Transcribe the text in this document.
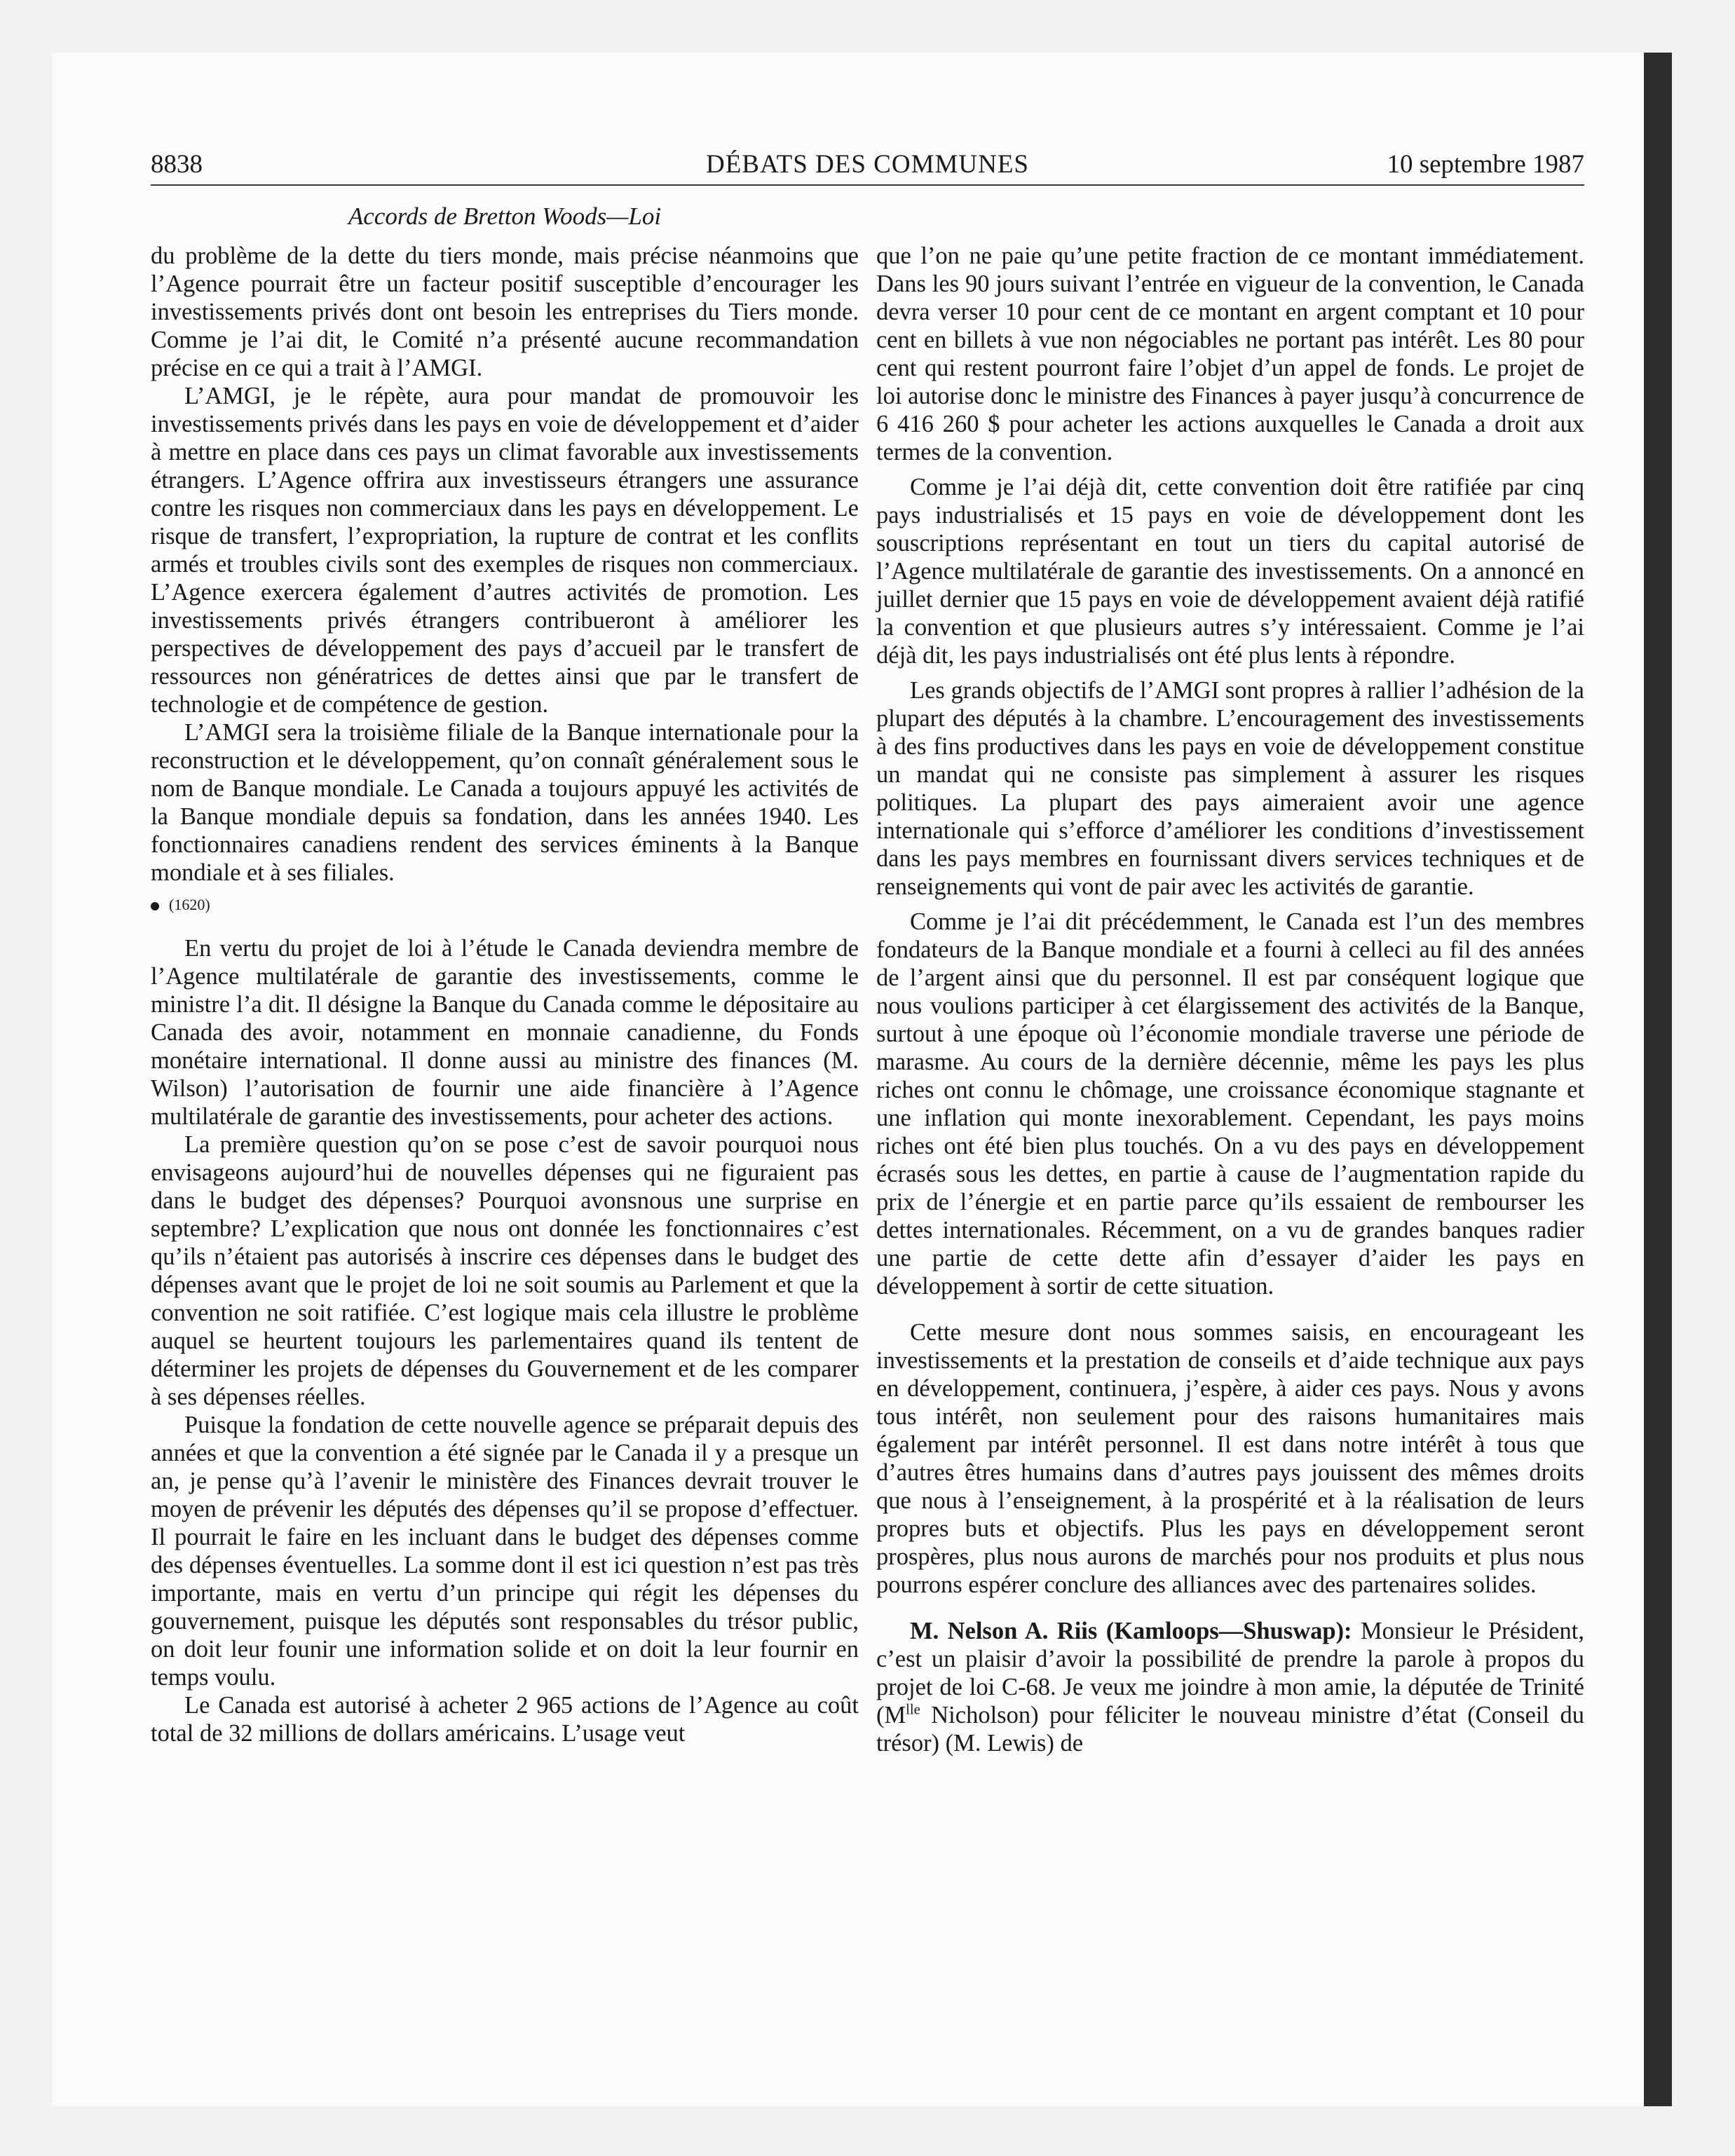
8838	DÉBATS DES COMMUNES	10 septembre 1987
Accords de Bretton Woods—Loi

du problème de la dette du tiers monde, mais précise néanmoins que l’Agence pourrait être un facteur positif susceptible d’encourager les investissements privés dont ont besoin les entreprises du Tiers monde. Comme je l’ai dit, le Comité n’a présenté aucune recommandation précise en ce qui a trait à l’AMGI.

L’AMGI, je le répète, aura pour mandat de promouvoir les investissements privés dans les pays en voie de développement et d’aider à mettre en place dans ces pays un climat favorable aux investissements étrangers. L’Agence offrira aux investisseurs étrangers une assurance contre les risques non commerciaux dans les pays en développement. Le risque de transfert, l’expropriation, la rupture de contrat et les conflits armés et troubles civils sont des exemples de risques non commerciaux. L’Agence exercera également d’autres activités de promotion. Les investissements privés étrangers contribueront à améliorer les perspectives de développement des pays d’accueil par le transfert de ressources non génératrices de dettes ainsi que par le transfert de technologie et de compétence de gestion.

L’AMGI sera la troisième filiale de la Banque internationale pour la reconstruction et le développement, qu’on connaît généralement sous le nom de Banque mondiale. Le Canada a toujours appuyé les activités de la Banque mondiale depuis sa fondation, dans les années 1940. Les fonctionnaires canadiens rendent des services éminents à la Banque mondiale et à ses filiales.

(1620)

En vertu du projet de loi à l’étude le Canada deviendra membre de l’Agence multilatérale de garantie des investissements, comme le ministre l’a dit. Il désigne la Banque du Canada comme le dépositaire au Canada des avoir, notamment en monnaie canadienne, du Fonds monétaire international. Il donne aussi au ministre des finances (M. Wilson) l’autorisation de fournir une aide financière à l’Agence multilatérale de garantie des investissements, pour acheter des actions.

La première question qu’on se pose c’est de savoir pourquoi nous envisageons aujourd’hui de nouvelles dépenses qui ne figuraient pas dans le budget des dépenses? Pourquoi avonsnous une surprise en septembre? L’explication que nous ont donnée les fonctionnaires c’est qu’ils n’étaient pas autorisés à inscrire ces dépenses dans le budget des dépenses avant que le projet de loi ne soit soumis au Parlement et que la convention ne soit ratifiée. C’est logique mais cela illustre le problème auquel se heurtent toujours les parlementaires quand ils tentent de déterminer les projets de dépenses du Gouvernement et de les comparer à ses dépenses réelles.

Puisque la fondation de cette nouvelle agence se préparait depuis des années et que la convention a été signée par le Canada il y a presque un an, je pense qu’à l’avenir le ministère des Finances devrait trouver le moyen de prévenir les députés des dépenses qu’il se propose d’effectuer. Il pourrait le faire en les incluant dans le budget des dépenses comme des dépenses éventuelles. La somme dont il est ici question n’est pas très importante, mais en vertu d’un principe qui régit les dépenses du gouvernement, puisque les députés sont responsables du trésor public, on doit leur founir une information solide et on doit la leur fournir en temps voulu.

Le Canada est autorisé à acheter 2 965 actions de l’Agence au coût total de 32 millions de dollars américains. L’usage veut

que l’on ne paie qu’une petite fraction de ce montant immédiatement. Dans les 90 jours suivant l’entrée en vigueur de la convention, le Canada devra verser 10 pour cent de ce montant en argent comptant et 10 pour cent en billets à vue non négociables ne portant pas intérêt. Les 80 pour cent qui restent pourront faire l’objet d’un appel de fonds. Le projet de loi autorise donc le ministre des Finances à payer jusqu’à concurrence de 6 416 260 $ pour acheter les actions auxquelles le Canada a droit aux termes de la convention.

Comme je l’ai déjà dit, cette convention doit être ratifiée par cinq pays industrialisés et 15 pays en voie de développement dont les souscriptions représentant en tout un tiers du capital autorisé de l’Agence multilatérale de garantie des investissements. On a annoncé en juillet dernier que 15 pays en voie de développement avaient déjà ratifié la convention et que plusieurs autres s’y intéressaient. Comme je l’ai déjà dit, les pays industrialisés ont été plus lents à répondre.

Les grands objectifs de l’AMGI sont propres à rallier l’adhésion de la plupart des députés à la chambre. L’encouragement des investissements à des fins productives dans les pays en voie de développement constitue un mandat qui ne consiste pas simplement à assurer les risques politiques. La plupart des pays aimeraient avoir une agence internationale qui s’efforce d’améliorer les conditions d’investissement dans les pays membres en fournissant divers services techniques et de renseignements qui vont de pair avec les activités de garantie.

Comme je l’ai dit précédemment, le Canada est l’un des membres fondateurs de la Banque mondiale et a fourni à celleci au fil des années de l’argent ainsi que du personnel. Il est par conséquent logique que nous voulions participer à cet élargissement des activités de la Banque, surtout à une époque où l’économie mondiale traverse une période de marasme. Au cours de la dernière décennie, même les pays les plus riches ont connu le chômage, une croissance économique stagnante et une inflation qui monte inexorablement. Cependant, les pays moins riches ont été bien plus touchés. On a vu des pays en développement écrasés sous les dettes, en partie à cause de l’augmentation rapide du prix de l’énergie et en partie parce qu’ils essaient de rembourser les dettes internationales. Récemment, on a vu de grandes banques radier une partie de cette dette afin d’essayer d’aider les pays en développement à sortir de cette situation.

Cette mesure dont nous sommes saisis, en encourageant les investissements et la prestation de conseils et d’aide technique aux pays en développement, continuera, j’espère, à aider ces pays. Nous y avons tous intérêt, non seulement pour des raisons humanitaires mais également par intérêt personnel. Il est dans notre intérêt à tous que d’autres êtres humains dans d’autres pays jouissent des mêmes droits que nous à l’enseignement, à la prospérité et à la réalisation de leurs propres buts et objectifs. Plus les pays en développement seront prospères, plus nous aurons de marchés pour nos produits et plus nous pourrons espérer conclure des alliances avec des partenaires solides.

M. Nelson A. Riis (Kamloops—Shuswap): Monsieur le Président, c’est un plaisir d’avoir la possibilité de prendre la parole à propos du projet de loi C-68. Je veux me joindre à mon amie, la députée de Trinité ($M^{lle}$ Nicholson) pour féliciter le nouveau ministre d’état (Conseil du trésor) (M. Lewis) de
